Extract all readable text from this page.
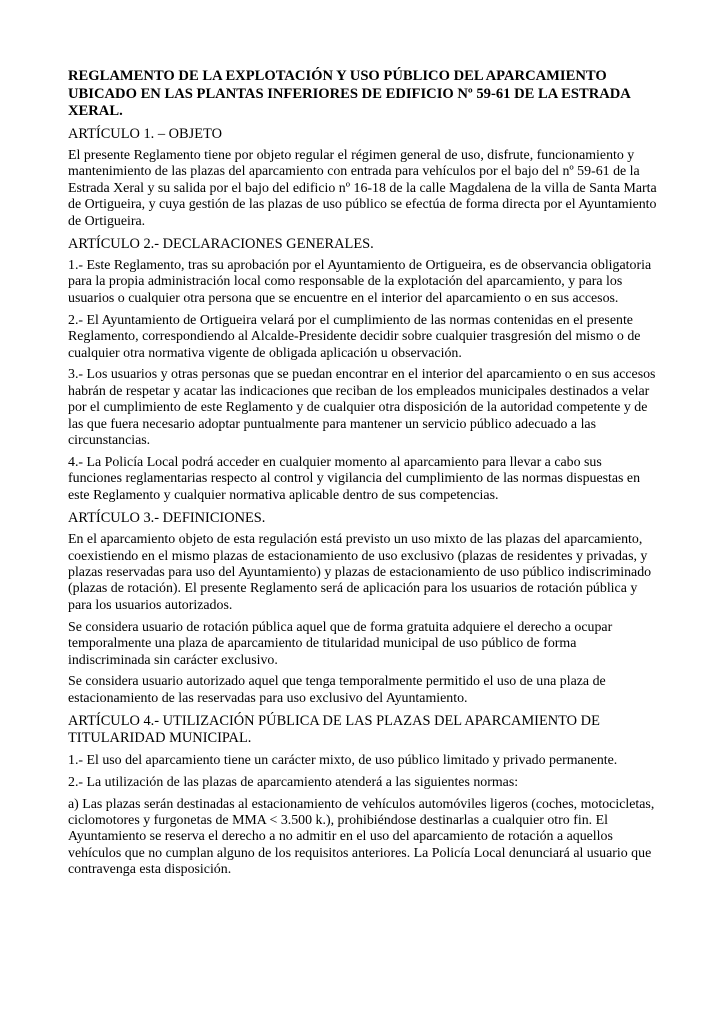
REGLAMENTO DE LA EXPLOTACIÓN Y USO PÚBLICO DEL APARCAMIENTO UBICADO EN LAS PLANTAS INFERIORES DE EDIFICIO Nº 59-61 DE LA ESTRADA XERAL.
ARTÍCULO 1. – OBJETO
El presente Reglamento tiene por objeto regular el régimen general de uso, disfrute, funcionamiento y mantenimiento de las plazas del aparcamiento con entrada para vehículos por el bajo del nº 59-61 de la Estrada Xeral y su salida por el bajo del edificio nº 16-18 de la calle Magdalena de la villa de Santa Marta de Ortigueira, y cuya gestión de las plazas de uso público se efectúa de forma directa por el Ayuntamiento de Ortigueira.
ARTÍCULO 2.- DECLARACIONES GENERALES.
1.- Este Reglamento, tras su aprobación por el Ayuntamiento de Ortigueira, es de observancia obligatoria para la propia administración local como responsable de la explotación del aparcamiento, y para los usuarios o cualquier otra persona que se encuentre en el interior del aparcamiento o en sus accesos.
2.- El Ayuntamiento de Ortigueira velará por el cumplimiento de las normas contenidas en el presente Reglamento, correspondiendo al Alcalde-Presidente decidir sobre cualquier trasgresión del mismo o de cualquier otra normativa vigente de obligada aplicación u observación.
3.- Los usuarios y otras personas que se puedan encontrar en el interior del aparcamiento o en sus accesos habrán de respetar y acatar las indicaciones que reciban de los empleados municipales destinados a velar por el cumplimiento de este Reglamento y de cualquier otra disposición de la autoridad competente y de las que fuera necesario adoptar puntualmente para mantener un servicio público adecuado a las circunstancias.
4.- La Policía Local podrá acceder en cualquier momento al aparcamiento para llevar a cabo sus funciones reglamentarias respecto al control y vigilancia del cumplimiento de las normas dispuestas en este Reglamento y cualquier normativa aplicable dentro de sus competencias.
ARTÍCULO 3.- DEFINICIONES.
En el aparcamiento objeto de esta regulación está previsto un uso mixto de las plazas del aparcamiento, coexistiendo en el mismo plazas de estacionamiento de uso exclusivo (plazas de residentes y privadas, y plazas reservadas para uso del Ayuntamiento) y plazas de estacionamiento de uso público indiscriminado (plazas de rotación). El presente Reglamento será de aplicación para los usuarios de rotación pública y para los usuarios autorizados.
Se considera usuario de rotación pública aquel que de forma gratuita adquiere el derecho a ocupar temporalmente una plaza de aparcamiento de titularidad municipal de uso público de forma indiscriminada sin carácter exclusivo.
Se considera usuario autorizado aquel que tenga temporalmente permitido el uso de una plaza de estacionamiento de las reservadas para uso exclusivo del Ayuntamiento.
ARTÍCULO 4.- UTILIZACIÓN PÚBLICA DE LAS PLAZAS DEL APARCAMIENTO DE TITULARIDAD MUNICIPAL.
1.- El uso del aparcamiento tiene un carácter mixto, de uso público limitado y privado permanente.
2.- La utilización de las plazas de aparcamiento atenderá a las siguientes normas:
a) Las plazas serán destinadas al estacionamiento de vehículos automóviles ligeros (coches, motocicletas, ciclomotores y furgonetas de MMA < 3.500 k.), prohibiéndose destinarlas a cualquier otro fin. El Ayuntamiento se reserva el derecho a no admitir en el uso del aparcamiento de rotación a aquellos vehículos que no cumplan alguno de los requisitos anteriores. La Policía Local denunciará al usuario que contravenga esta disposición.
